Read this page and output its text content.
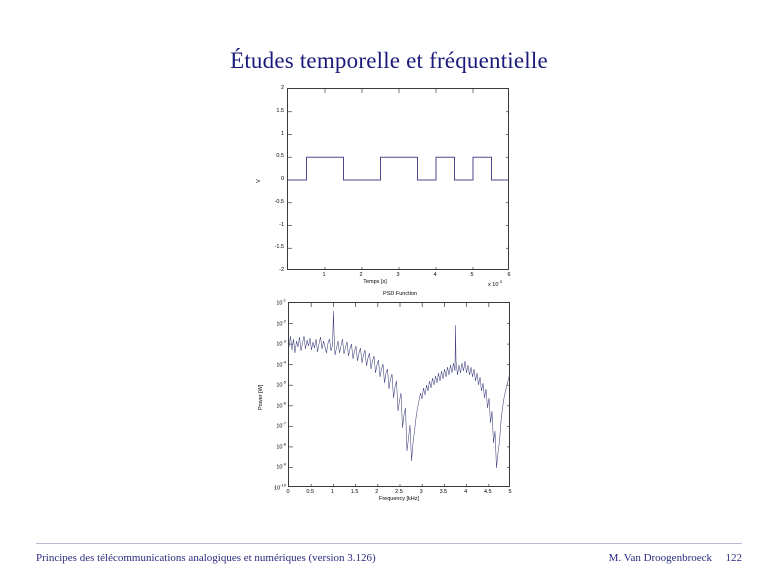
Études temporelle et fréquentielle
2
1.5
1
0.5
0
-0.5
-1
-1.5
-2
1	2	3	4	5	6
Temps [s]
V
x $10^{-3}$
PSD Function
$10^{-1}$
$10^{-2}$
$10^{-3}$
$10^{-4}$
$10^{-5}$
$10^{-6}$
$10^{-7}$
$10^{-8}$
$10^{-9}$
$10^{-10}$
0	0.5	1	1.5	2	2.5	3	3.5	4	4.5	5
Frequency [kHz]
Power [W]
Principes des télécommunications analogiques et numériques (version 3.126)	M. Van Droogenbroeck 122
